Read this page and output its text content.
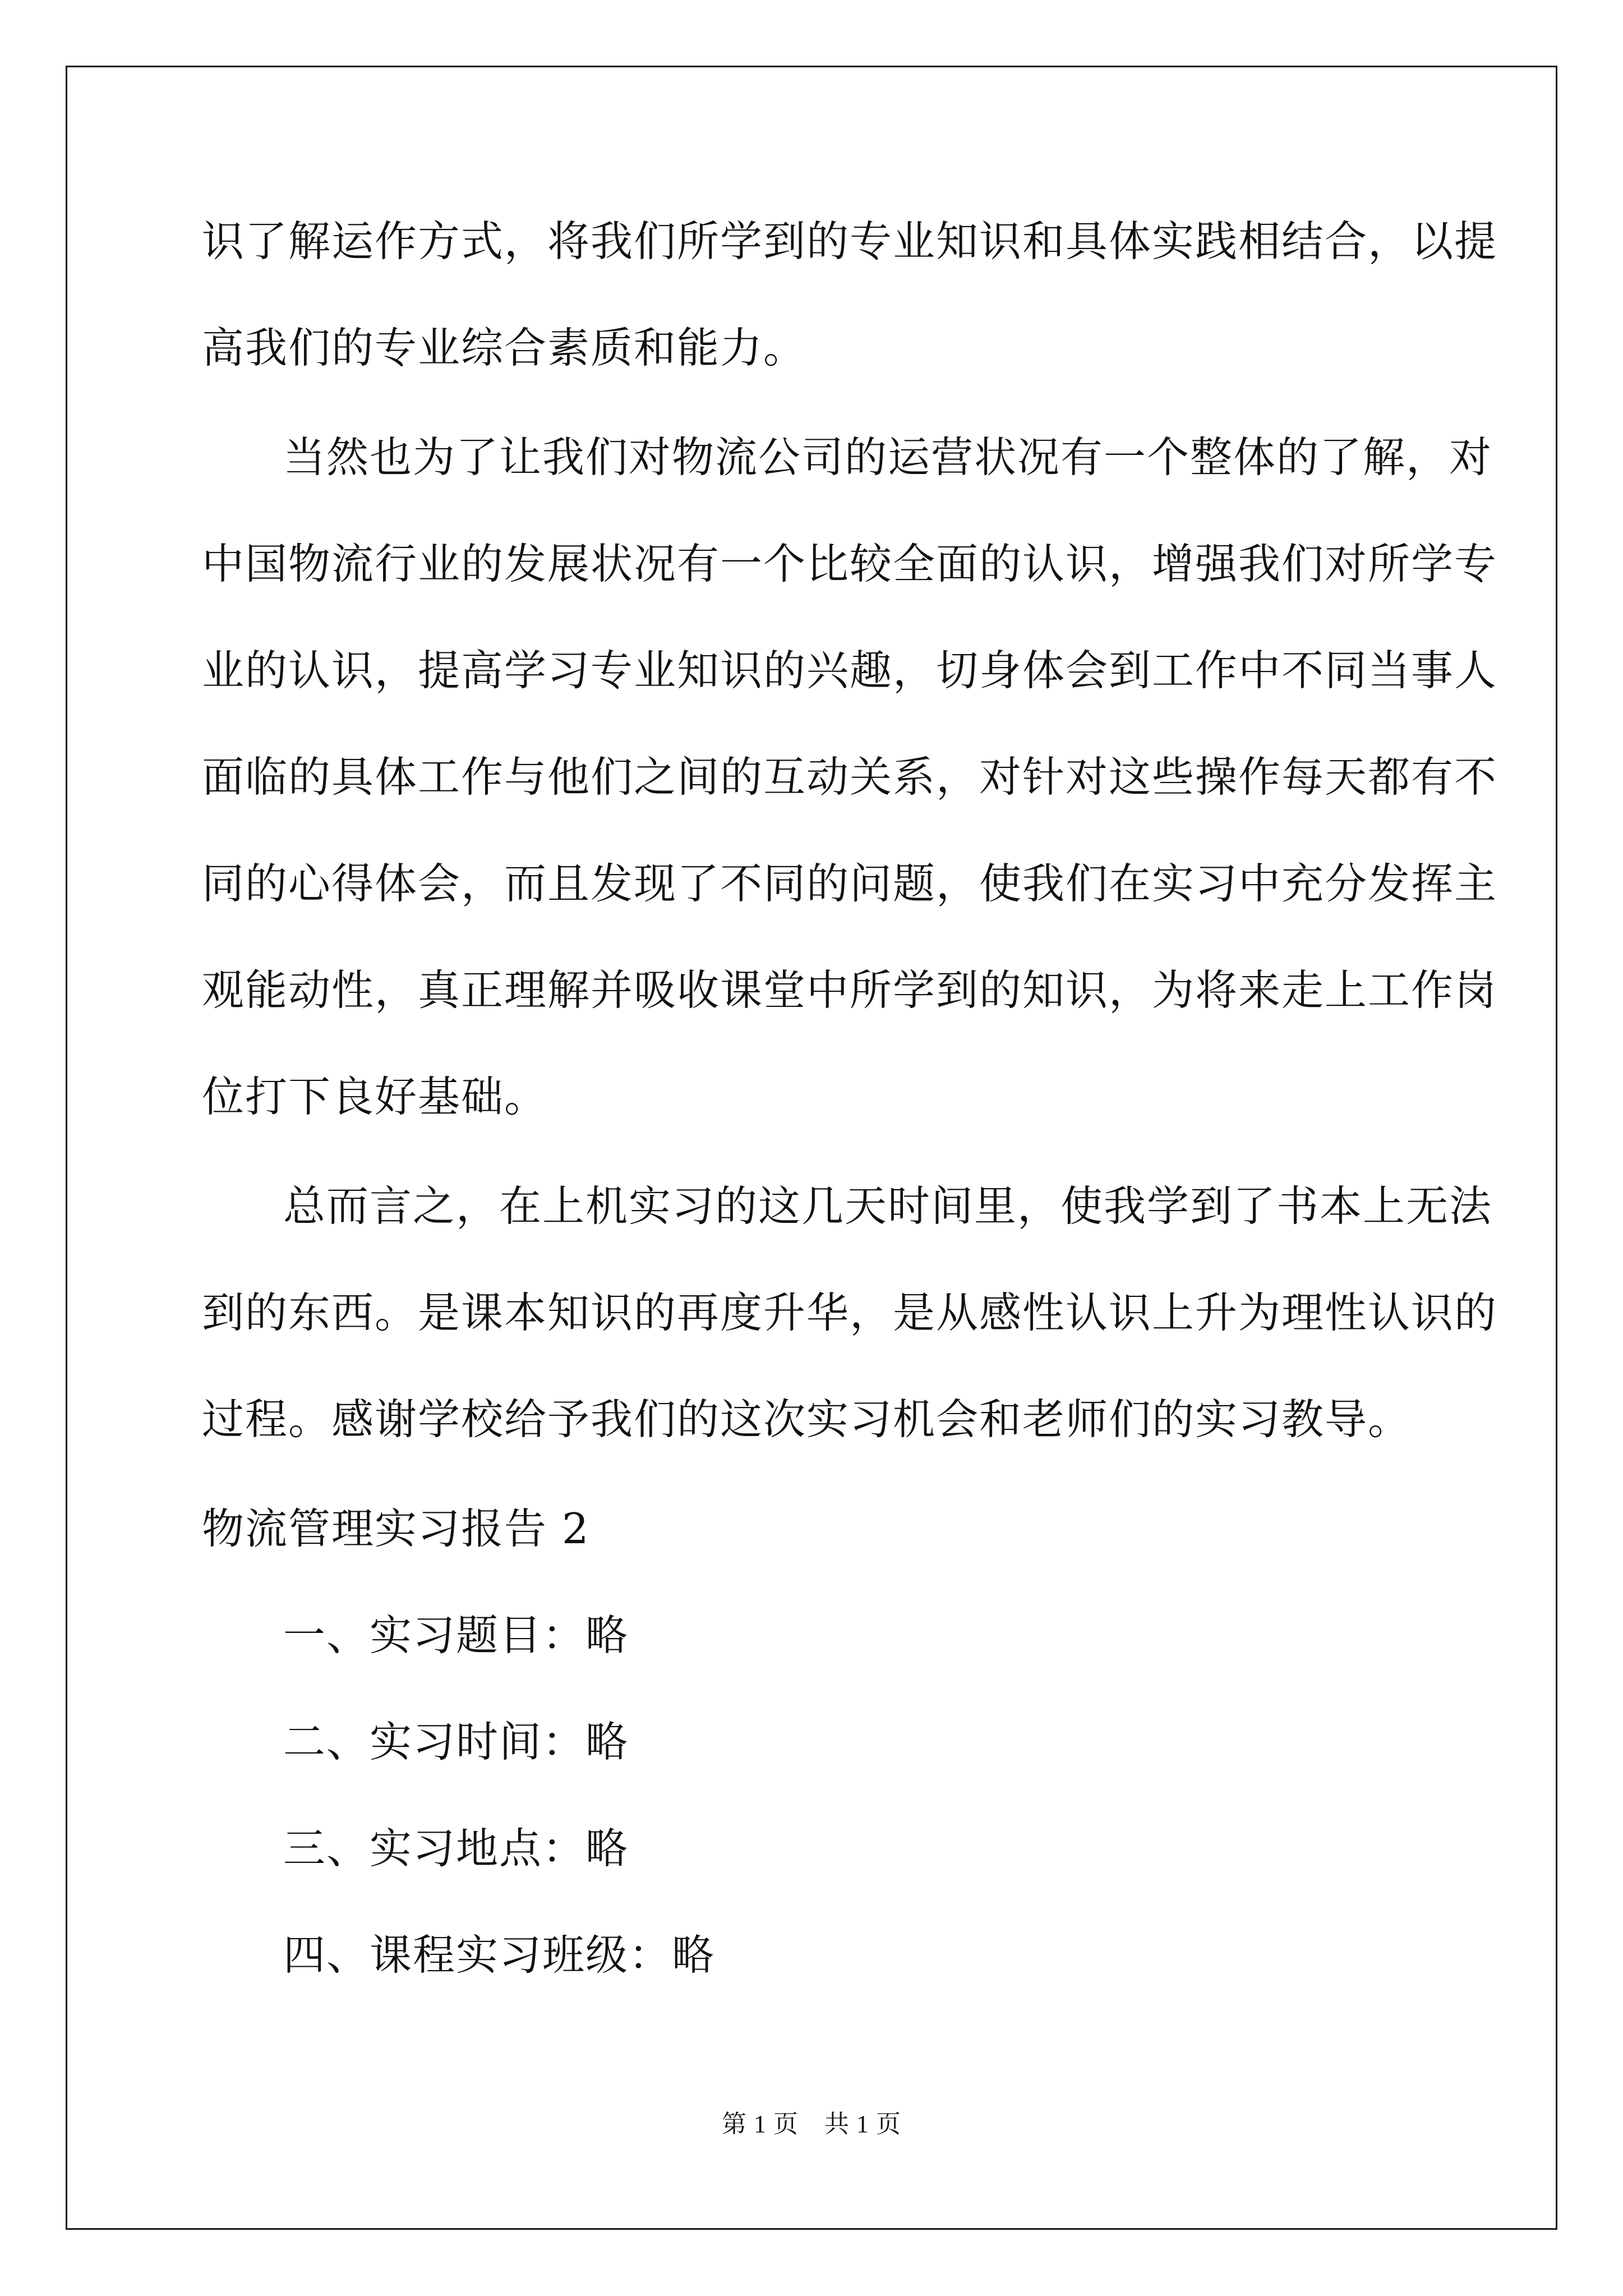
识了解运作方式，将我们所学到的专业知识和具体实践相结合，以提
高我们的专业综合素质和能力。
当然也为了让我们对物流公司的运营状况有一个整体的了解，对
中国物流行业的发展状况有一个比较全面的认识，增强我们对所学专
业的认识，提高学习专业知识的兴趣，切身体会到工作中不同当事人
面临的具体工作与他们之间的互动关系，对针对这些操作每天都有不
同的心得体会，而且发现了不同的问题，使我们在实习中充分发挥主
观能动性，真正理解并吸收课堂中所学到的知识，为将来走上工作岗
位打下良好基础。
总而言之，在上机实习的这几天时间里，使我学到了书本上无法
到的东西。是课本知识的再度升华，是从感性认识上升为理性认识的
过程。感谢学校给予我们的这次实习机会和老师们的实习教导。
物流管理实习报告 2
一、实习题目：略
二、实习时间：略
三、实习地点：略
四、课程实习班级：略
第 1 页 共 1 页
